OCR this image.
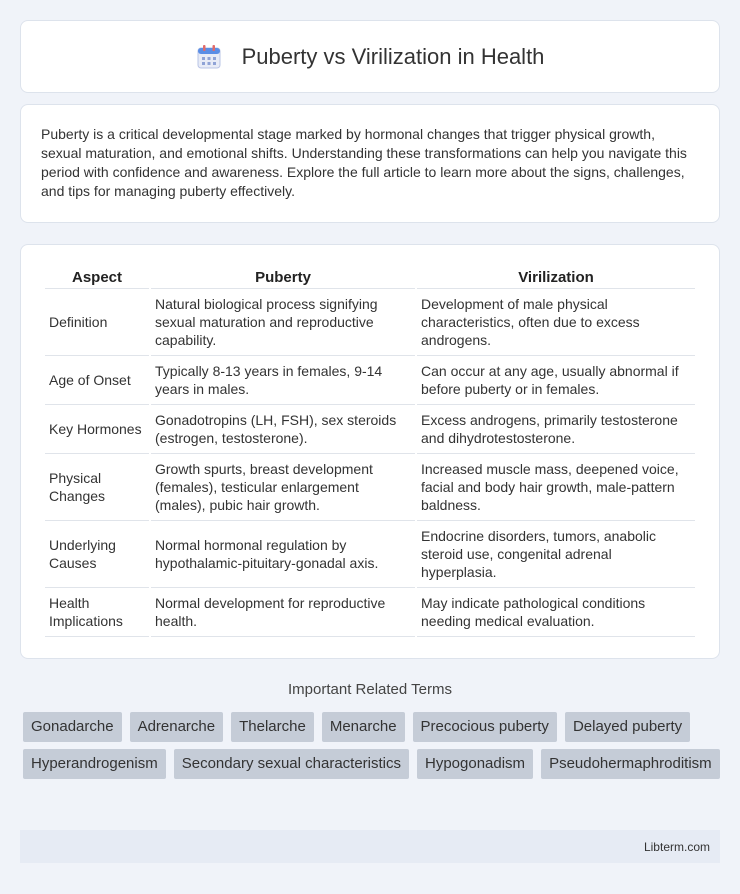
Puberty vs Virilization in Health

Puberty is a critical developmental stage marked by hormonal changes that trigger physical growth, sexual maturation, and emotional shifts. Understanding these transformations can help you navigate this period with confidence and awareness. Explore the full article to learn more about the signs, challenges, and tips for managing puberty effectively.

Aspect	Puberty	Virilization
Definition	Natural biological process signifying sexual maturation and reproductive capability.	Development of male physical characteristics, often due to excess androgens.
Age of Onset	Typically 8-13 years in females, 9-14 years in males.	Can occur at any age, usually abnormal if before puberty or in females.
Key Hormones	Gonadotropins (LH, FSH), sex steroids (estrogen, testosterone).	Excess androgens, primarily testosterone and dihydrotestosterone.
Physical Changes	Growth spurts, breast development (females), testicular enlargement (males), pubic hair growth.	Increased muscle mass, deepened voice, facial and body hair growth, male-pattern baldness.
Underlying Causes	Normal hormonal regulation by hypothalamic-pituitary-gonadal axis.	Endocrine disorders, tumors, anabolic steroid use, congenital adrenal hyperplasia.
Health Implications	Normal development for reproductive health.	May indicate pathological conditions needing medical evaluation.
Important Related Terms
Gonadarche	Adrenarche	Thelarche	Menarche	Precocious puberty	Delayed puberty
Hyperandrogenism	Secondary sexual characteristics	Hypogonadism	Pseudohermaphroditism
Libterm.com
